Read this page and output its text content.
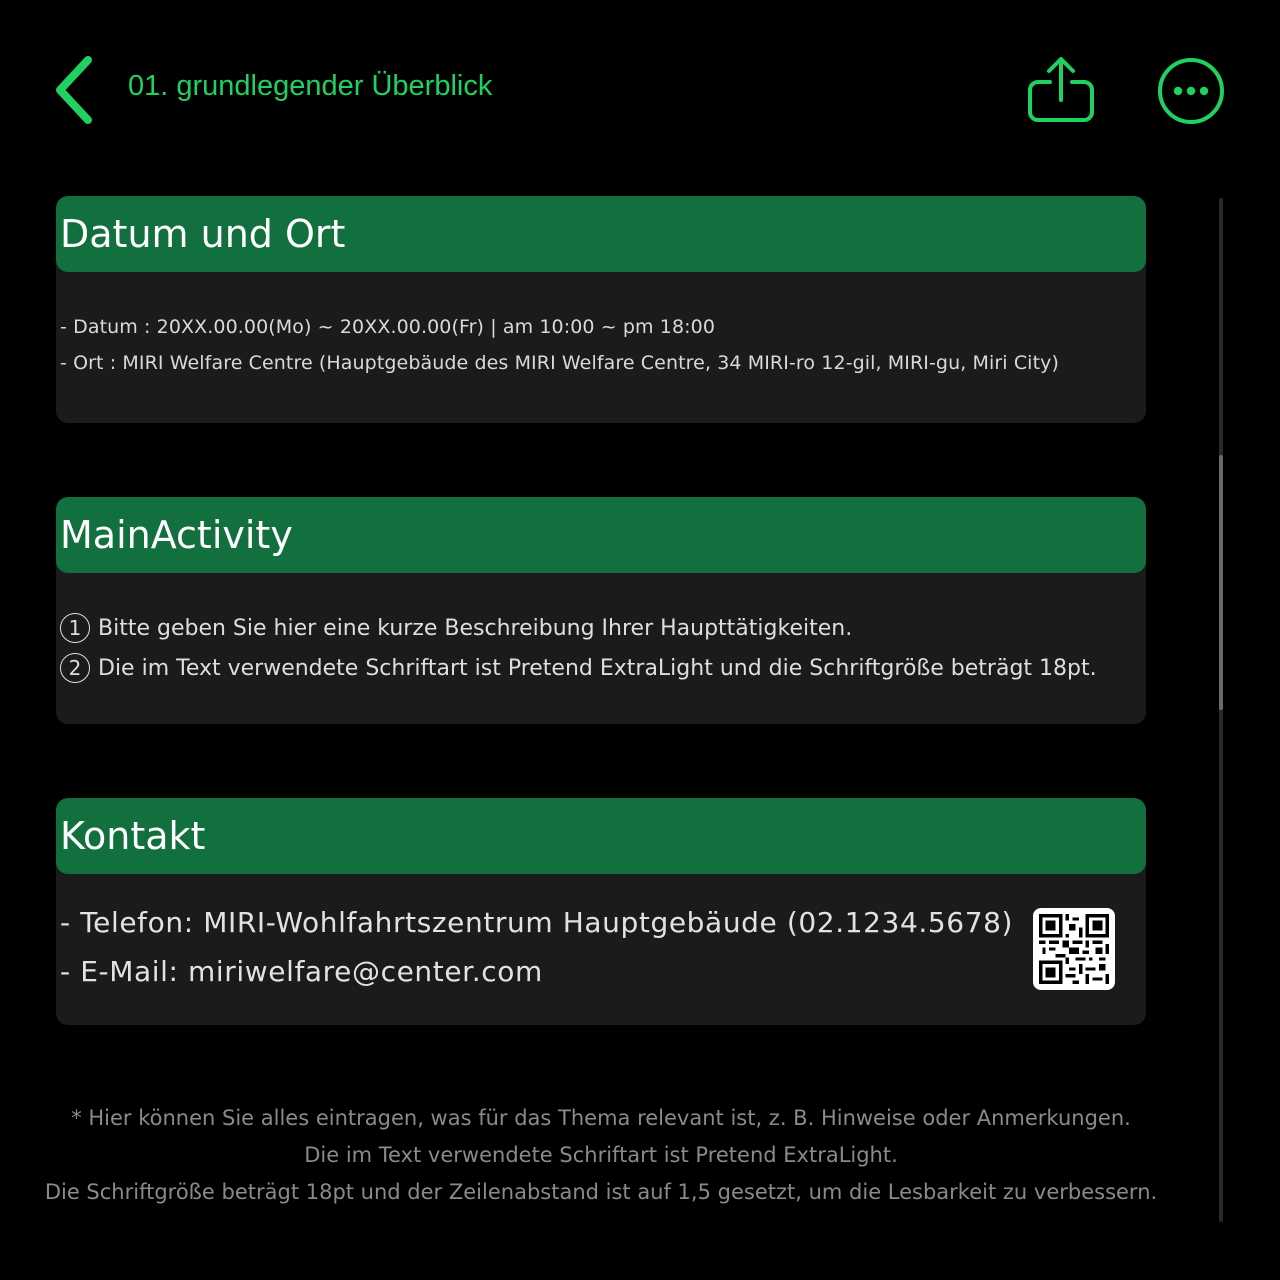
01. grundlegender Überblick
Datum und Ort
- Datum : 20XX.00.00(Mo) ~ 20XX.00.00(Fr) | am 10:00 ~ pm 18:00
- Ort : MIRI Welfare Centre (Hauptgebäude des MIRI Welfare Centre, 34 MIRI-ro 12-gil, MIRI-gu, Miri City)
MainActivity
1 Bitte geben Sie hier eine kurze Beschreibung Ihrer Haupttätigkeiten.
2 Die im Text verwendete Schriftart ist Pretend ExtraLight und die Schriftgröße beträgt 18pt.
Kontakt
- Telefon: MIRI-Wohlfahrtszentrum Hauptgebäude (02.1234.5678)
- E-Mail: miriwelfare@center.com
* Hier können Sie alles eintragen, was für das Thema relevant ist, z. B. Hinweise oder Anmerkungen.
Die im Text verwendete Schriftart ist Pretend ExtraLight.
Die Schriftgröße beträgt 18pt und der Zeilenabstand ist auf 1,5 gesetzt, um die Lesbarkeit zu verbessern.
